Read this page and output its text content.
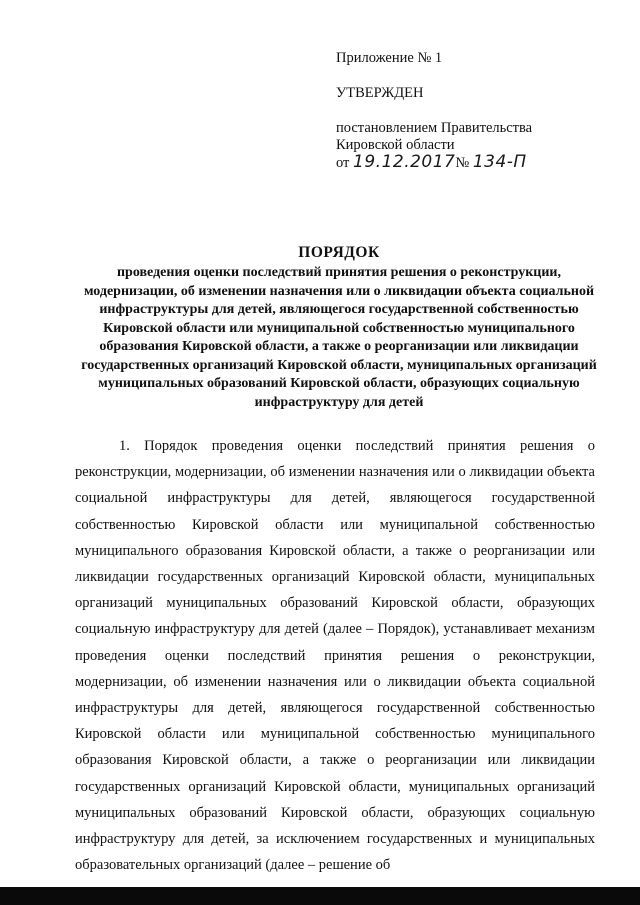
Приложение № 1

УТВЕРЖДЕН

постановлением Правительства

Кировской области

от 19.12.2017№ 134-П

ПОРЯДОК

проведения оценки последствий принятия решения о реконструкции, модернизации, об изменении назначения или о ликвидации объекта социальной инфраструктуры для детей, являющегося государственной собственностью Кировской области или муниципальной собственностью муниципального образования Кировской области, а также о реорганизации или ликвидации государственных организаций Кировской области, муниципальных организаций муниципальных образований Кировской области, образующих социальную инфраструктуру для детей

1. Порядок проведения оценки последствий принятия решения о реконструкции, модернизации, об изменении назначения или о ликвидации объекта социальной инфраструктуры для детей, являющегося государственной собственностью Кировской области или муниципальной собственностью муниципального образования Кировской области, а также о реорганизации или ликвидации государственных организаций Кировской области, муниципальных организаций муниципальных образований Кировской области, образующих социальную инфраструктуру для детей (далее – Порядок), устанавливает механизм проведения оценки последствий принятия решения о реконструкции, модернизации, об изменении назначения или о ликвидации объекта социальной инфраструктуры для детей, являющегося государственной собственностью Кировской области или муниципальной собственностью муниципального образования Кировской области, а также о реорганизации или ликвидации государственных организаций Кировской области, муниципальных организаций муниципальных образований Кировской области, образующих социальную инфраструктуру для детей, за исключением государственных и муниципальных образовательных организаций (далее – решение об
